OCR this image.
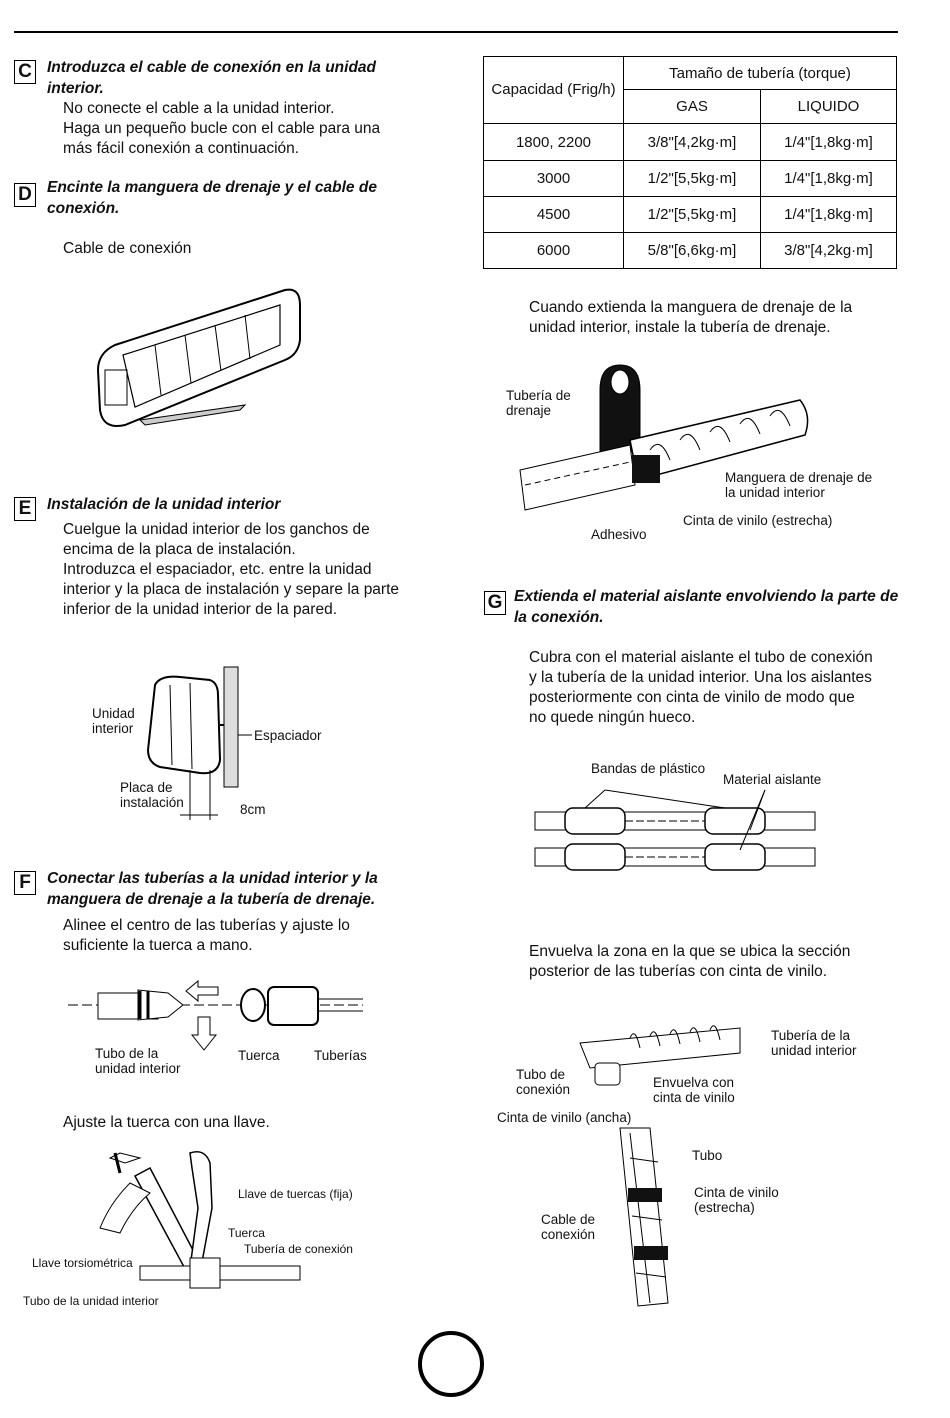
C Introduzca el cable de conexión en la unidad interior.
No conecte el cable a la unidad interior.
Haga un pequeño bucle con el cable para una
más fácil conexión a continuación.
D Encinte la manguera de drenaje y el cable de conexión.
Cable de conexión
E	Instalación de la unidad interior
Cuelgue la unidad interior de los ganchos de
encima de la placa de instalación.
Introduzca el espaciador, etc. entre la unidad
interior y la placa de instalación y separe la parte
inferior de la unidad interior de la pared.
Unidad interior	Espaciador
Placa de instalación	8cm
F	Conectar las tuberías a la unidad interior y la manguera de drenaje a la tubería de drenaje.
Alinee el centro de las tuberías y ajuste lo
suficiente la tuerca a mano.
Tubo de la unidad interior
Tuerca	Tuberías
Ajuste la tuerca con una llave.
Llave de tuercas (fija)
Tuerca
Tubería de conexión
Llave torsiométrica
Tubo de la unidad interior
Capacidad (Frig/h)	Tamaño de tubería (torque)	
	GAS	LIQUIDO
1800, 2200	3/8"[4,2kg·m]	1/4"[1,8kg·m]
3000	1/2"[5,5kg·m]	1/4"[1,8kg·m]
4500	1/2"[5,5kg·m]	1/4"[1,8kg·m]
6000	5/8"[6,6kg·m]	3/8"[4,2kg·m]
Cuando extienda la manguera de drenaje de la
unidad interior, instale la tubería de drenaje.
Tubería de drenaje
Manguera de drenaje de la unidad interior
Adhesivo
Cinta de vinilo (estrecha)
G Extienda el material aislante envolviendo la parte de la conexión.
Cubra con el material aislante el tubo de conexión
y la tubería de la unidad interior. Una los aislantes
posteriormente con cinta de vinilo de modo que
no quede ningún hueco.
Bandas de plástico
Material aislante
Envuelva la zona en la que se ubica la sección
posterior de las tuberías con cinta de vinilo.
Tubería de la unidad interior
Tubo de conexión	Envuelva con cinta de vinilo
Cinta de vinilo (ancha)
Tubo
Cinta de vinilo (estrecha)
Cable de conexión
